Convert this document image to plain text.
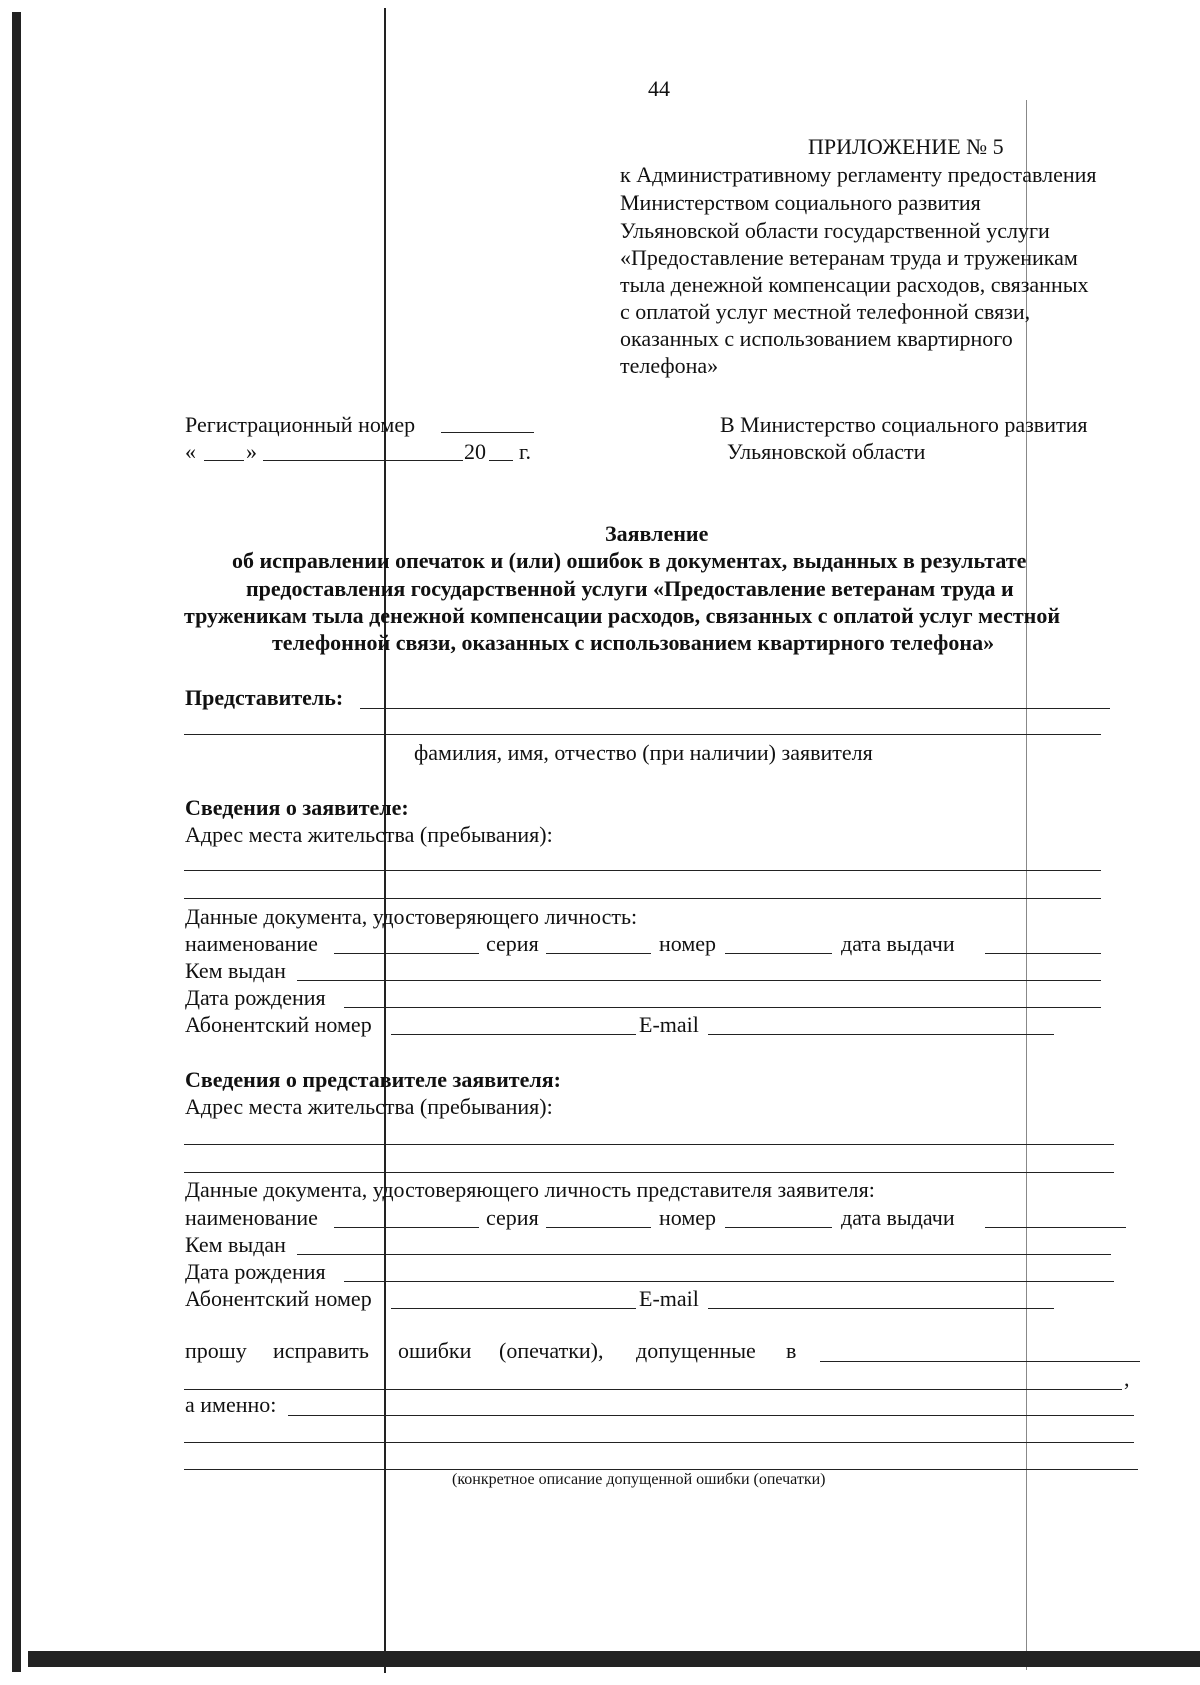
44
ПРИЛОЖЕНИЕ № 5
к Административному регламенту предоставления
Министерством социального развития
Ульяновской области государственной услуги
«Предоставление ветеранам труда и труженикам
тыла денежной компенсации расходов, связанных
с оплатой услуг местной телефонной связи,
оказанных с использованием квартирного
телефона»
Регистрационный номер
« »	20 г.
В Министерство социального развития
Ульяновской области
Заявление
об исправлении опечаток и (или) ошибок в документах, выданных в результате
предоставления государственной услуги «Предоставление ветеранам труда и
труженикам тыла денежной компенсации расходов, связанных с оплатой услуг местной
телефонной связи, оказанных с использованием квартирного телефона»
Представитель:
фамилия, имя, отчество (при наличии) заявителя
Сведения о заявителе:
Адрес места жительства (пребывания):
Данные документа, удостоверяющего личность:
наименование	серия	номер	дата выдачи
Кем выдан
Дата рождения
Абонентский номер	E-mail
Сведения о представителе заявителя:
Адрес места жительства (пребывания):
Данные документа, удостоверяющего личность представителя заявителя:
наименование	серия	номер	дата выдачи
Кем выдан
Дата рождения
Абонентский номер	E-mail
прошу исправить ошибки (опечатки), допущенные в
,
а именно:
(конкретное описание допущенной ошибки (опечатки)
